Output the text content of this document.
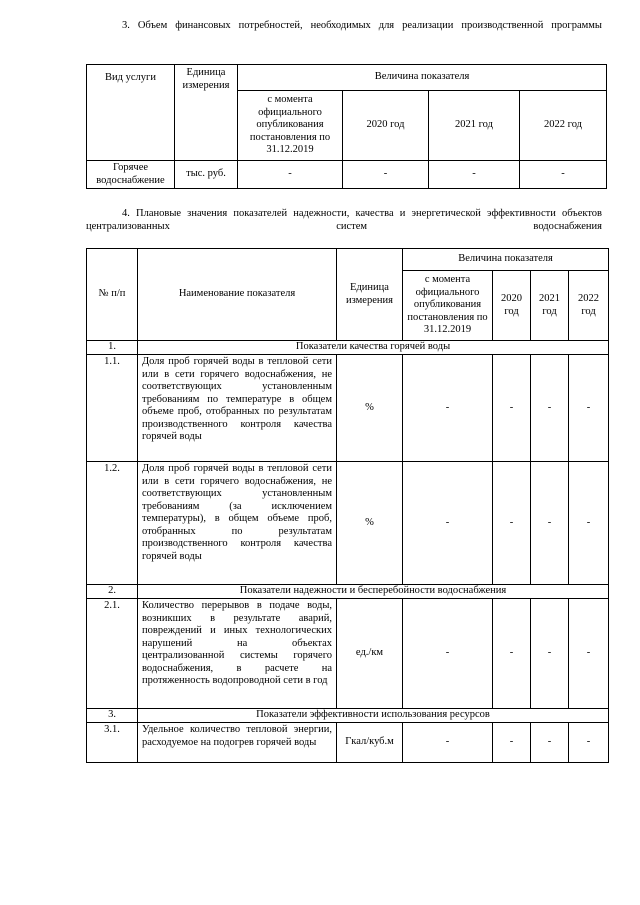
3. Объем финансовых потребностей, необходимых для реализации производственной программы

Вид услуги	Единица измерения	Величина показателя			
		с момента официального опубликования постановления по 31.12.2019	2020 год	2021 год	2022 год
Горячее водоснабжение	тыс. руб.	-	-	-	-

4. Плановые значения показателей надежности, качества и энергетической эффективности объектов централизованных систем водоснабжения

№ п/п	Наименование показателя	Единица измерения	Величина показателя			
			с момента официального опубликования постановления по 31.12.2019	2020 год	2021 год	2022 год
1.	Показатели качества горячей воды					
1.1.	Доля проб горячей воды в тепловой сети или в сети горячего водоснабжения, не соответствующих установленным требованиям по температуре в общем объеме проб, отобранных по результатам производственного контроля качества горячей воды	%	-	-	-	-
1.2.	Доля проб горячей воды в тепловой сети или в сети горячего водоснабжения, не соответствующих установленным требованиям (за исключением температуры), в общем объеме проб, отобранных по результатам производственного контроля качества горячей воды	%	-	-	-	-
2.	Показатели надежности и бесперебойности водоснабжения					
2.1.	Количество перерывов в подаче воды, возникших в результате аварий, повреждений и иных технологических нарушений на объектах централизованной системы горячего водоснабжения, в расчете на протяженность водопроводной сети в год	ед./км	-	-	-	-
3.	Показатели эффективности использования ресурсов					
3.1.	Удельное количество тепловой энергии, расходуемое на подогрев горячей воды	Гкал/куб.м	-	-	-	-
